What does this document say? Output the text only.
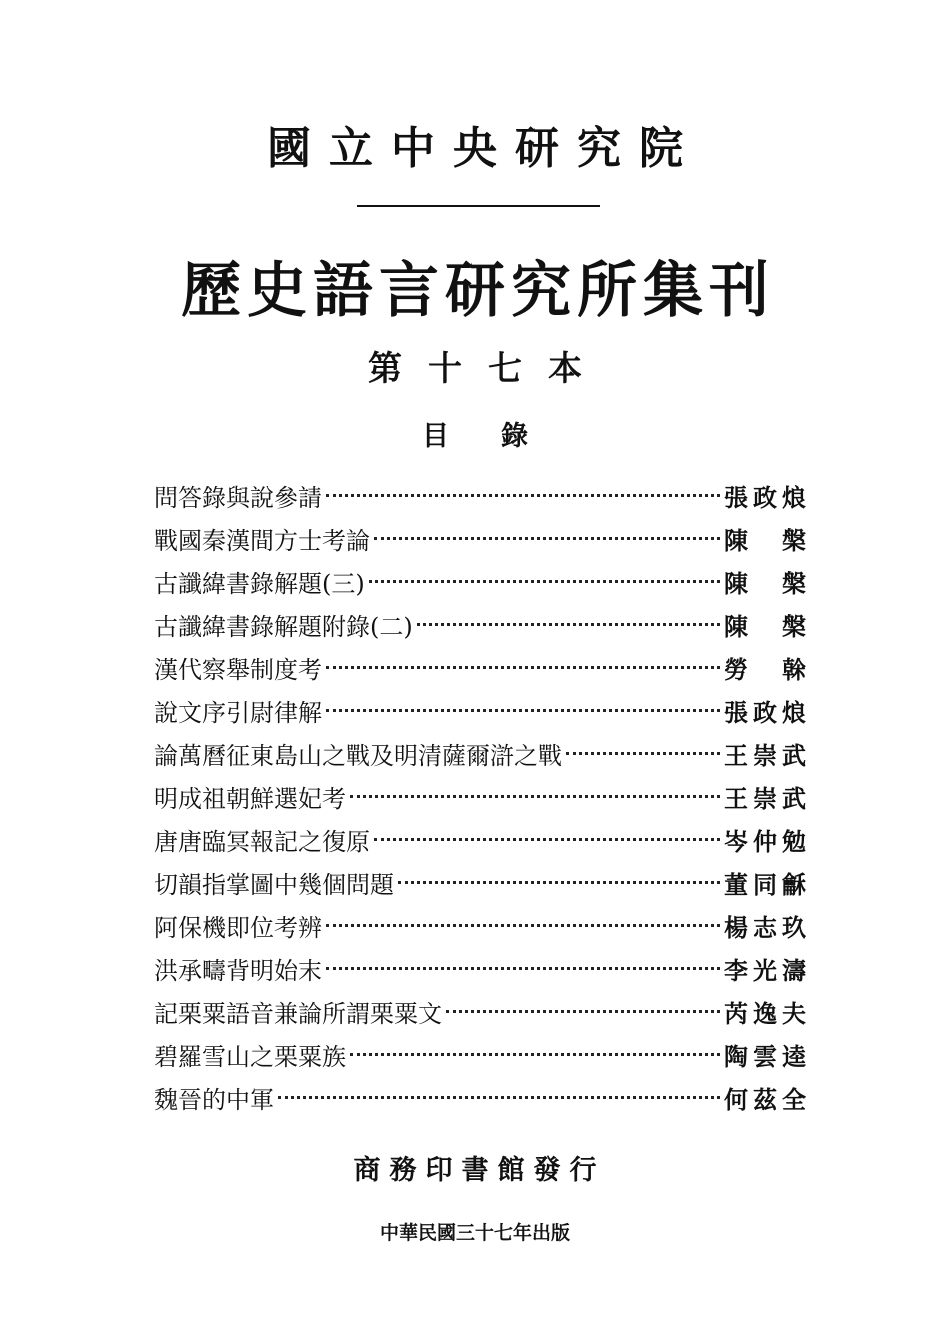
國立中央研究院
歷史語言研究所集刊
第十七本
目錄
問答錄與說參請	張政烺
戰國秦漢間方士考論	陳 槃
古讖緯書錄解題(三)	陳 槃
古讖緯書錄解題附錄(二)	陳 槃
漢代察舉制度考	勞 榦
說文序引尉律解	張政烺
論萬曆征東島山之戰及明清薩爾滸之戰	王崇武
明成祖朝鮮選妃考	王崇武
唐唐臨冥報記之復原	岑仲勉
切韻指掌圖中幾個問題	董同龢
阿保機即位考辨	楊志玖
洪承疇背明始末	李光濤
記栗粟語音兼論所謂栗粟文	芮逸夫
碧羅雪山之栗粟族	陶雲逵
魏晉的中軍	何茲全
商務印書館發行
中華民國三十七年出版
